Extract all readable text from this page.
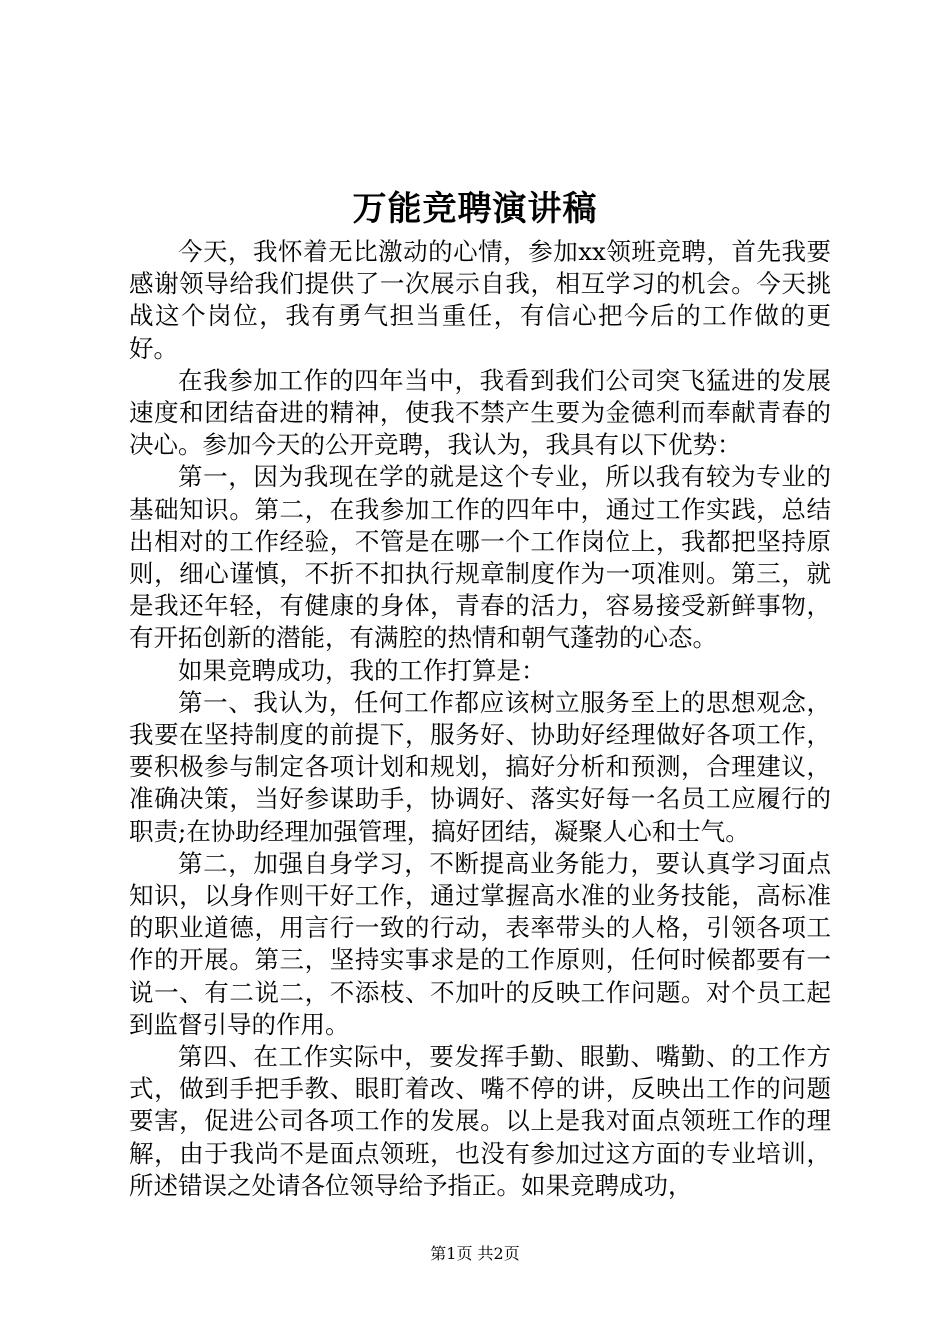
万能竞聘演讲稿

今天，我怀着无比激动的心情，参加xx领班竞聘，首先我要感谢领导给我们提供了一次展示自我，相互学习的机会。今天挑战这个岗位，我有勇气担当重任，有信心把今后的工作做的更好。

在我参加工作的四年当中，我看到我们公司突飞猛进的发展速度和团结奋进的精神，使我不禁产生要为金德利而奉献青春的决心。参加今天的公开竞聘，我认为，我具有以下优势：

第一，因为我现在学的就是这个专业，所以我有较为专业的基础知识。第二，在我参加工作的四年中，通过工作实践，总结出相对的工作经验，不管是在哪一个工作岗位上，我都把坚持原则，细心谨慎，不折不扣执行规章制度作为一项准则。第三，就是我还年轻，有健康的身体，青春的活力，容易接受新鲜事物，有开拓创新的潜能，有满腔的热情和朝气蓬勃的心态。

如果竞聘成功，我的工作打算是：

第一、我认为，任何工作都应该树立服务至上的思想观念，我要在坚持制度的前提下，服务好、协助好经理做好各项工作，要积极参与制定各项计划和规划，搞好分析和预测，合理建议，准确决策，当好参谋助手，协调好、落实好每一名员工应履行的职责;在协助经理加强管理，搞好团结，凝聚人心和士气。

第二，加强自身学习，不断提高业务能力，要认真学习面点知识，以身作则干好工作，通过掌握高水准的业务技能，高标准的职业道德，用言行一致的行动，表率带头的人格，引领各项工作的开展。第三，坚持实事求是的工作原则，任何时候都要有一说一、有二说二，不添枝、不加叶的反映工作问题。对个员工起到监督引导的作用。

第四、在工作实际中，要发挥手勤、眼勤、嘴勤、的工作方式，做到手把手教、眼盯着改、嘴不停的讲，反映出工作的问题要害，促进公司各项工作的发展。以上是我对面点领班工作的理解，由于我尚不是面点领班，也没有参加过这方面的专业培训，所述错误之处请各位领导给予指正。如果竞聘成功，

第1页 共2页
